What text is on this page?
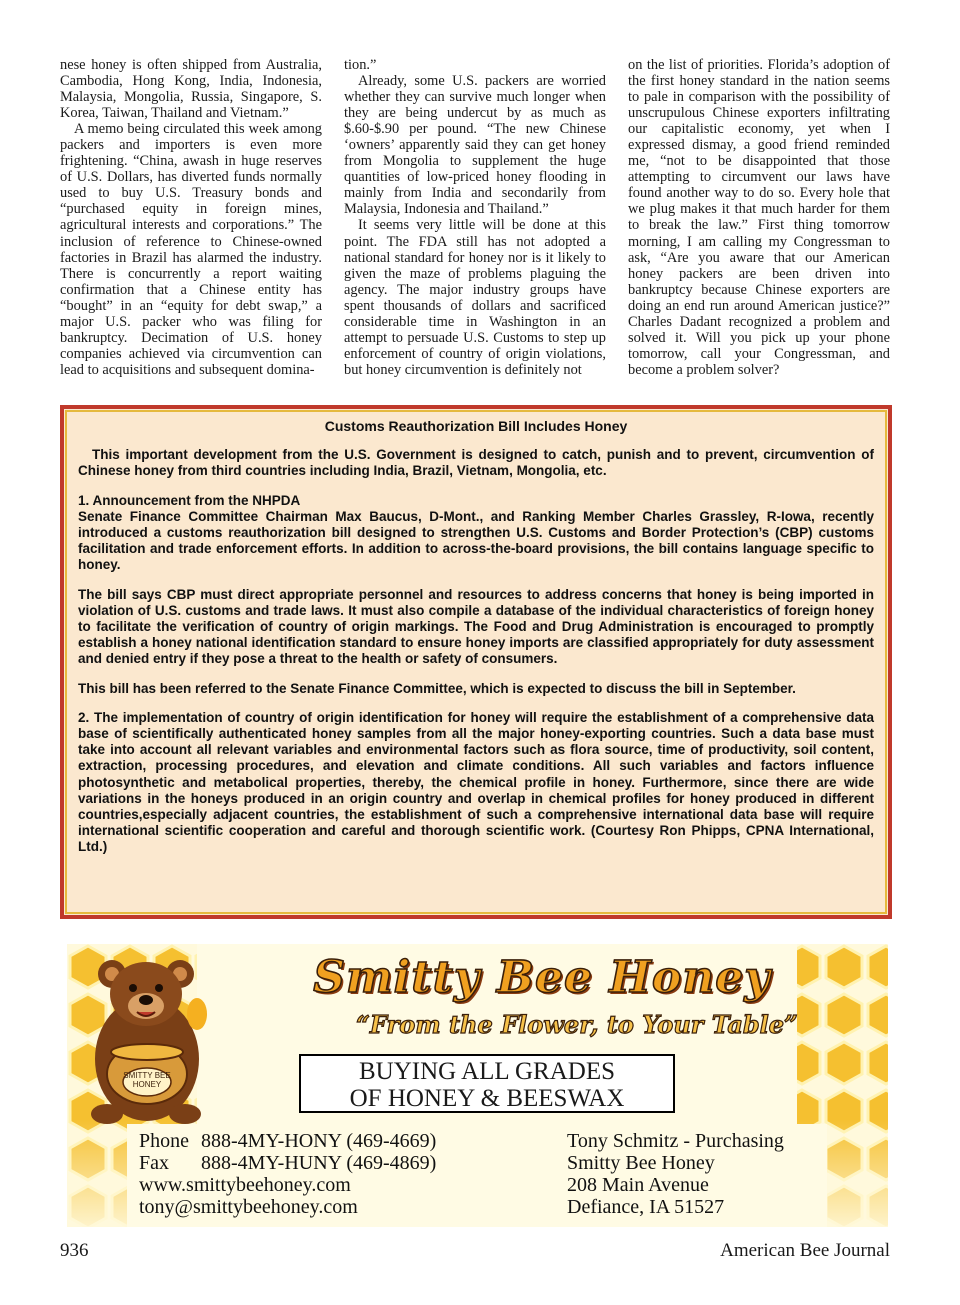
nese honey is often shipped from Australia, Cambodia, Hong Kong, India, Indonesia, Malaysia, Mongolia, Russia, Singapore, S. Korea, Taiwan, Thailand and Vietnam.”

A memo being circulated this week among packers and importers is even more frightening. “China, awash in huge reserves of U.S. Dollars, has diverted funds normally used to buy U.S. Treasury bonds and “purchased equity in foreign mines, agricultural interests and corporations.” The inclusion of reference to Chinese-owned factories in Brazil has alarmed the industry. There is concurrently a report waiting confirmation that a Chinese entity has “bought” in an “equity for debt swap,” a major U.S. packer who was filing for bankruptcy. Decimation of U.S. honey companies achieved via circumvention can lead to acquisitions and subsequent domina-

tion.”

Already, some U.S. packers are worried whether they can survive much longer when they are being undercut by as much as $.60-$.90 per pound. “The new Chinese ‘owners’ apparently said they can get honey from Mongolia to supplement the huge quantities of low-priced honey flooding in mainly from India and secondarily from Malaysia, Indonesia and Thailand.”

It seems very little will be done at this point. The FDA still has not adopted a national standard for honey nor is it likely to given the maze of problems plaguing the agency. The major industry groups have spent thousands of dollars and sacrificed considerable time in Washington in an attempt to persuade U.S. Customs to step up enforcement of country of origin violations, but honey circumvention is definitely not

on the list of priorities. Florida’s adoption of the first honey standard in the nation seems to pale in comparison with the possibility of unscrupulous Chinese exporters infiltrating our capitalistic economy, yet when I expressed dismay, a good friend reminded me, “not to be disappointed that those attempting to circumvent our laws have found another way to do so. Every hole that we plug makes it that much harder for them to break the law.” First thing tomorrow morning, I am calling my Congressman to ask, “Are you aware that our American honey packers are been driven into bankruptcy because Chinese exporters are doing an end run around American justice?” Charles Dadant recognized a problem and solved it. Will you pick up your phone tomorrow, call your Congressman, and become a problem solver?

Customs Reauthorization Bill Includes Honey

This important development from the U.S. Government is designed to catch, punish and to prevent, circumvention of Chinese honey from third countries including India, Brazil, Vietnam, Mongolia, etc.

1. Announcement from the NHPDA
Senate Finance Committee Chairman Max Baucus, D-Mont., and Ranking Member Charles Grassley, R-Iowa, recently introduced a customs reauthorization bill designed to strengthen U.S. Customs and Border Protection’s (CBP) customs facilitation and trade enforcement efforts. In addition to across-the-board provisions, the bill contains language specific to honey.

The bill says CBP must direct appropriate personnel and resources to address concerns that honey is being imported in violation of U.S. customs and trade laws. It must also compile a database of the individual characteristics of foreign honey to facilitate the verification of country of origin markings. The Food and Drug Administration is encouraged to promptly establish a honey national identification standard to ensure honey imports are classified appropriately for duty assessment and denied entry if they pose a threat to the health or safety of consumers.

This bill has been referred to the Senate Finance Committee, which is expected to discuss the bill in September.

2. The implementation of country of origin identification for honey will require the establishment of a comprehensive data base of scientifically authenticated honey samples from all the major honey-exporting countries. Such a data base must take into account all relevant variables and environmental factors such as flora source, time of productivity, soil content, extraction, processing procedures, and elevation and climate conditions. All such variables and factors influence photosynthetic and metabolical properties, thereby, the chemical profile in honey. Furthermore, since there are wide variations in the honeys produced in an origin country and overlap in chemical profiles for honey produced in different countries,especially adjacent countries, the establishment of such a comprehensive international data base will require international scientific cooperation and careful and thorough scientific work. (Courtesy Ron Phipps, CPNA International, Ltd.)

SMITTY BEE
HONEY
Smitty Bee Honey
“From the Flower, to Your Table”
BUYING ALL GRADES
OF HONEY & BEESWAX
Phone 888-4MY-HONY (469-4669)
Fax 888-4MY-HUNY (469-4869)
www.smittybeehoney.com
tony@smittybeehoney.com
Tony Schmitz - Purchasing
Smitty Bee Honey
208 Main Avenue
Defiance, IA 51527
936	American Bee Journal
